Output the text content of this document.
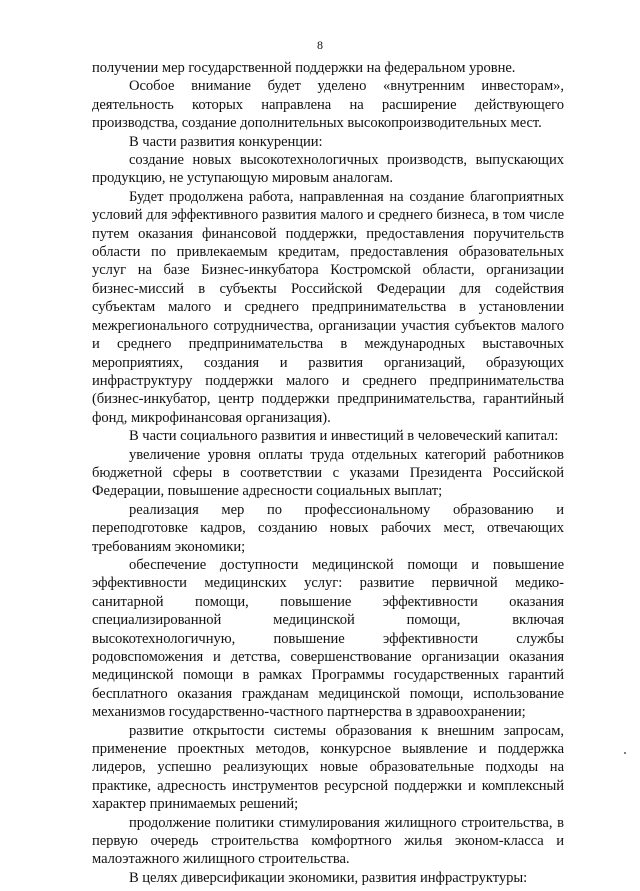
8

получении мер государственной поддержки на федеральном уровне.

Особое внимание будет уделено «внутренним инвесторам», деятельность которых направлена на расширение действующего производства, создание дополнительных высокопроизводительных мест.

В части развития конкуренции:

создание новых высокотехнологичных производств, выпускающих продукцию, не уступающую мировым аналогам.

Будет продолжена работа, направленная на создание благоприятных условий для эффективного развития малого и среднего бизнеса, в том числе путем оказания финансовой поддержки, предоставления поручительств области по привлекаемым кредитам, предоставления образовательных услуг на базе Бизнес-инкубатора Костромской области, организации бизнес-миссий в субъекты Российской Федерации для содействия субъектам малого и среднего предпринимательства в установлении межрегионального сотрудничества, организации участия субъектов малого и среднего предпринимательства в международных выставочных мероприятиях, создания и развития организаций, образующих инфраструктуру поддержки малого и среднего предпринимательства (бизнес-инкубатор, центр поддержки предпринимательства, гарантийный фонд, микрофинансовая организация).

В части социального развития и инвестиций в человеческий капитал:

увеличение уровня оплаты труда отдельных категорий работников бюджетной сферы в соответствии с указами Президента Российской Федерации, повышение адресности социальных выплат;

реализация мер по профессиональному образованию и переподготовке кадров, созданию новых рабочих мест, отвечающих требованиям экономики;

обеспечение доступности медицинской помощи и повышение эффективности медицинских услуг: развитие первичной медико-санитарной помощи, повышение эффективности оказания специализированной медицинской помощи, включая высокотехнологичную, повышение эффективности службы родовспоможения и детства, совершенствование организации оказания медицинской помощи в рамках Программы государственных гарантий бесплатного оказания гражданам медицинской помощи, использование механизмов государственно-частного партнерства в здравоохранении;

развитие открытости системы образования к внешним запросам, применение проектных методов, конкурсное выявление и поддержка лидеров, успешно реализующих новые образовательные подходы на практике, адресность инструментов ресурсной поддержки и комплексный характер принимаемых решений;

продолжение политики стимулирования жилищного строительства, в первую очередь строительства комфортного жилья эконом-класса и малоэтажного жилищного строительства.

В целях диверсификации экономики, развития инфраструктуры:
